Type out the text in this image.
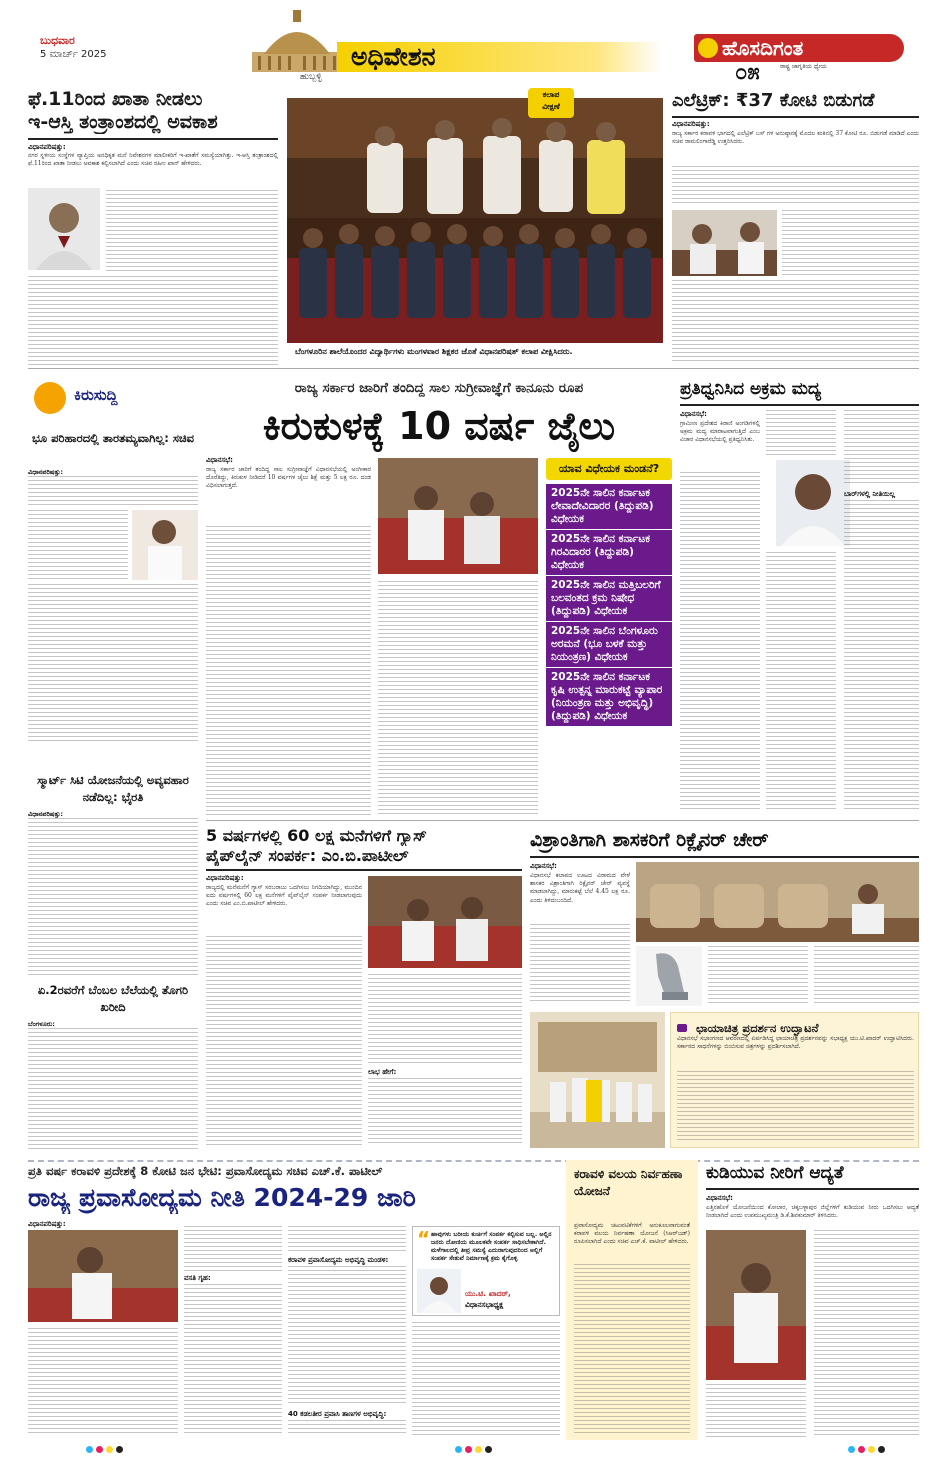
ಬುಧವಾರ
5 ಮಾರ್ಚ್ 2025
ಹುಬ್ಬಳ್ಳಿ
ಅಧಿವೇಶನ	ಹೊಸದಿಗಂತ
ರಾಷ್ಟ್ರ ಜಾಗೃತಿಯ ಧ್ಯೇಯ
೦೫
ಫೆ.11ರಿಂದ ಖಾತಾ ನೀಡಲು
ಇ-ಆಸ್ತಿ ತಂತ್ರಾಂಶದಲ್ಲಿ ಅವಕಾಶ
ವಿಧಾನಪರಿಷತ್ತು:
ನಗರ ಸ್ಥಳೀಯ ಸಂಸ್ಥೆಗಳ ವ್ಯಾಪ್ತಿಯ ಅನಧಿಕೃತ ಮನೆ ನಿವೇಶನಗಳ ಮಾಲೀಕರಿಗೆ ಇ-ಖಾತೆಗೆ ಸಮಸ್ಯೆಯಾಗಿತ್ತು. ಇ-ಆಸ್ತಿ ತಂತ್ರಾಂಶದಲ್ಲಿ ಫೆ.11ರಿಂದ ಖಾತಾ ನೀಡಲು ಅವಕಾಶ ಕಲ್ಪಿಸಲಾಗಿದೆ ಎಂದು ಸಚಿವ ರಹೀಂ ಖಾನ್ ಹೇಳಿದರು.
ಕಲಾಪ
ವೀಕ್ಷಣೆ
ಬೆಂಗಳೂರಿನ ಶಾಲೆಯೊಂದರ ವಿದ್ಯಾರ್ಥಿಗಳು ಮಂಗಳವಾರ ಶಿಕ್ಷಕರ ಜೊತೆ ವಿಧಾನಪರಿಷತ್ ಕಲಾಪ ವೀಕ್ಷಿಸಿದರು.
ಎಲೆಟ್ರಿಕ್: ₹37 ಕೋಟಿ ಬಿಡುಗಡೆ
ವಿಧಾನಪರಿಷತ್ತು:
ರಾಜ್ಯ ಸರ್ಕಾರ ಕರಾವಳಿ ಭಾಗದಲ್ಲಿ ಎಲೆಟ್ರಿಕ್ ಬಸ್ ಗಳ ಅನುಷ್ಠಾನಕ್ಕೆ ಮೊದಲ ಕಂತಿನಲ್ಲಿ 37 ಕೋಟಿ ರೂ. ಬಿಡುಗಡೆ ಮಾಡಿದೆ ಎಂದು ಸಚಿವ ರಾಮಲಿಂಗಾರೆಡ್ಡಿ ಉತ್ತರಿಸಿದರು.
ಕಿರುಸುದ್ದಿ
ಭೂ ಪರಿಹಾರದಲ್ಲಿ ತಾರತಮ್ಯವಾಗಿಲ್ಲ: ಸಚಿವ
ವಿಧಾನಪರಿಷತ್ತು:
ಸ್ಮಾರ್ಟ್ ಸಿಟಿ ಯೋಜನೆಯಲ್ಲಿ ಅವ್ಯವಹಾರ ನಡೆದಿಲ್ಲ: ಭೈರತಿ
ವಿಧಾನಪರಿಷತ್ತು:
ಏ.2ರವರೆಗೆ ಬೆಂಬಲ ಬೆಲೆಯಲ್ಲಿ ತೊಗರಿ ಖರೀದಿ
ಬೆಂಗಳೂರು:
ರಾಜ್ಯ ಸರ್ಕಾರ ಜಾರಿಗೆ ತಂದಿದ್ದ ಸಾಲ ಸುಗ್ರೀವಾಜ್ಞೆಗೆ ಕಾನೂನು ರೂಪ
ಕಿರುಕುಳಕ್ಕೆ 10 ವರ್ಷ ಜೈಲು
ವಿಧಾನಸಭೆ:
ರಾಜ್ಯ ಸರ್ಕಾರ ಜಾರಿಗೆ ತಂದಿದ್ದ ಸಾಲ ಸುಗ್ರೀವಾಜ್ಞೆಗೆ ವಿಧಾನಸಭೆಯಲ್ಲಿ ಅಂಗೀಕಾರ ದೊರೆತಿದ್ದು, ಕಿರುಕುಳ ನೀಡಿದರೆ 10 ವರ್ಷಗಳ ಜೈಲು ಶಿಕ್ಷೆ ಮತ್ತು 5 ಲಕ್ಷ ರೂ. ದಂಡ ವಿಧಿಸಲಾಗುತ್ತದೆ.
ಯಾವ ವಿಧೇಯಕ ಮಂಡನೆ?
2025ನೇ ಸಾಲಿನ ಕರ್ನಾಟಕ ಲೇವಾದೇವಿದಾರರ (ತಿದ್ದುಪಡಿ) ವಿಧೇಯಕ
2025ನೇ ಸಾಲಿನ ಕರ್ನಾಟಕ ಗಿರವಿದಾರರ (ತಿದ್ದುಪಡಿ) ವಿಧೇಯಕ
2025ನೇ ಸಾಲಿನ ಮತ್ತಿಬಲರಿಗೆ ಬಲವಂತದ ಕ್ರಮ ನಿಷೇಧ (ತಿದ್ದುಪಡಿ) ವಿಧೇಯಕ
2025ನೇ ಸಾಲಿನ ಬೆಂಗಳೂರು ಅರಮನೆ (ಭೂ ಬಳಕೆ ಮತ್ತು ನಿಯಂತ್ರಣ) ವಿಧೇಯಕ
2025ನೇ ಸಾಲಿನ ಕರ್ನಾಟಕ ಕೃಷಿ ಉತ್ಪನ್ನ ಮಾರುಕಟ್ಟೆ ವ್ಯಾಪಾರ (ನಿಯಂತ್ರಣ ಮತ್ತು ಅಭಿವೃದ್ಧಿ) (ತಿದ್ದುಪಡಿ) ವಿಧೇಯಕ
ಪ್ರತಿಧ್ವನಿಸಿದ ಅಕ್ರಮ ಮದ್ಯ
ವಿಧಾನಸಭೆ:
ಗ್ರಾಮೀಣ ಪ್ರದೇಶದ ಕಿರಾಣಿ ಅಂಗಡಿಗಳಲ್ಲಿ ಅಕ್ರಮ ಮದ್ಯ ಮಾರಾಟವಾಗುತ್ತಿದೆ ಎಂಬ ವಿಚಾರ ವಿಧಾನಸಭೆಯಲ್ಲಿ ಪ್ರತಿಧ್ವನಿಸಿತು.
ಬಾರ್‌ಗಳಲ್ಲಿ ನೀತಿಯಿಲ್ಲ
5 ವರ್ಷಗಳಲ್ಲಿ 60 ಲಕ್ಷ ಮನೆಗಳಿಗೆ ಗ್ಯಾಸ್
ಪೈಪ್‌ಲೈನ್ ಸಂಪರ್ಕ: ಎಂ.ಬಿ.ಪಾಟೀಲ್
ವಿಧಾನಪರಿಷತ್ತು:
ರಾಜ್ಯದಲ್ಲಿ ಮನೆಮನೆಗೆ ಗ್ಯಾಸ್ ಸರಬರಾಜು ಒದಗಿಸಲು ನಿಗದಿಯಾಗಿದ್ದು, ಮುಂದಿನ ಐದು ವರ್ಷಗಳಲ್ಲಿ 60 ಲಕ್ಷ ಮನೆಗಳಿಗೆ ಪೈಪ್‌ಲೈನ್ ಸಂಪರ್ಕ ನೀಡಲಾಗುವುದು ಎಂದು ಸಚಿವ ಎಂ.ಬಿ.ಪಾಟೀಲ್ ಹೇಳಿದರು.
ಲಾಭ ಹೇಗೆ:
ವಿಶ್ರಾಂತಿಗಾಗಿ ಶಾಸಕರಿಗೆ ರಿಕ್ಲೈನರ್ ಚೇರ್
ವಿಧಾನಸಭೆ:
ವಿಧಾನಸಭೆ ಕಲಾಪದ ಊಟದ ವಿರಾಮದ ವೇಳೆ ಶಾಸಕರ ವಿಶ್ರಾಂತಿಗಾಗಿ ರಿಕ್ಲೈನರ್ ಚೇರ್ ವ್ಯವಸ್ಥೆ ಮಾಡಲಾಗಿದ್ದು, ಮಾರುಕಟ್ಟೆ ಬೆಲೆ 4.45 ಲಕ್ಷ ರೂ. ಎಂದು ತಿಳಿದುಬಂದಿದೆ.
ಛಾಯಾಚಿತ್ರ ಪ್ರದರ್ಶನ ಉದ್ಘಾಟನೆ
ವಿಧಾನಸಭೆ ಸಭಾಂಗಣದ ಆವರಣದಲ್ಲಿ ಏರ್ಪಡಿಸಿದ್ದ ಛಾಯಾಚಿತ್ರ ಪ್ರದರ್ಶನವನ್ನು ಸಭಾಧ್ಯಕ್ಷ ಯು.ಟಿ.ಖಾದರ್ ಉದ್ಘಾಟಿಸಿದರು. ಸರ್ಕಾರದ ಸಾಧನೆಗಳನ್ನು ಬಿಂಬಿಸುವ ಚಿತ್ರಗಳನ್ನು ಪ್ರದರ್ಶಿಸಲಾಗಿದೆ.
ಪ್ರತಿ ವರ್ಷ ಕರಾವಳಿ ಪ್ರದೇಶಕ್ಕೆ 8 ಕೋಟಿ ಜನ ಭೇಟಿ: ಪ್ರವಾಸೋದ್ಯಮ ಸಚಿವ ಎಚ್.ಕೆ. ಪಾಟೀಲ್
ರಾಜ್ಯ ಪ್ರವಾಸೋದ್ಯಮ ನೀತಿ 2024-29 ಜಾರಿ
ವಿಧಾನಪರಿಷತ್ತು:
ವಸತಿ ಗೃಹ:
ಕರಾವಳಿ ಪ್ರವಾಸೋದ್ಯಮ ಅಭಿವೃದ್ಧಿ ಮಂಡಳಿ:
40 ಕಡಲತೀರ ಪ್ರವಾಸಿ ತಾಣಗಳ ಅಭಿವೃದ್ಧಿ:
“ ಹಾವುಗಳು ಬರೀಯ ಕುರ್ಚಿಗೆ ಸಂಪರ್ಕ ಕಲ್ಪಿಸುವ ಬಲ್ಲ. ಅಲ್ಲಿನ ಜನರು ದೋಣಿಯ ಮೂಲಕವೇ ಸಂಪರ್ಕ ಸಾಧಿಸಬೇಕಾಗಿದೆ. ಮಳೆಗಾಲದಲ್ಲಿ ತೀವ್ರ ಸಮಸ್ಯೆ ಎದುರಾಗುವುದರಿಂದ ಅಲ್ಲಿಗೆ ಸಂಪರ್ಕ ಸೇತುವೆ ನಿರ್ಮಾಣಕ್ಕೆ ಕ್ರಮ ಕೈಗೊಳ್ಳಿ
ಯು.ಟಿ. ಖಾದರ್,
ವಿಧಾನಸಭಾಧ್ಯಕ್ಷ
ಕರಾವಳಿ ವಲಯ ನಿರ್ವಹಣಾ ಯೋಜನೆ
ಪ್ರವಾಸೋದ್ಯಮ ಚಟುವಟಿಕೆಗಳಿಗೆ ಅನುಕೂಲವಾಗುವಂತೆ ಕರಾವಳಿ ವಲಯ ನಿರ್ವಹಣಾ ಯೋಜನೆ (ಸಿಆರ್‌ಜಡ್) ರೂಪಿಸಲಾಗಿದೆ ಎಂದು ಸಚಿವ ಎಚ್.ಕೆ. ಪಾಟೀಲ್ ಹೇಳಿದರು.
ಕುಡಿಯುವ ನೀರಿಗೆ ಆದ್ಯತೆ
ವಿಧಾನಸಭೆ:
ಎತ್ತಿನಹೊಳೆ ಯೋಜನೆಯಿಂದ ಕೋಲಾರ, ಚಿಕ್ಕಬಳ್ಳಾಪುರ ಜಿಲ್ಲೆಗಳಿಗೆ ಕುಡಿಯುವ ನೀರು ಒದಗಿಸಲು ಆದ್ಯತೆ ನೀಡಲಾಗಿದೆ ಎಂದು ಉಪಮುಖ್ಯಮಂತ್ರಿ ಡಿ.ಕೆ.ಶಿವಕುಮಾರ್ ತಿಳಿಸಿದರು.
